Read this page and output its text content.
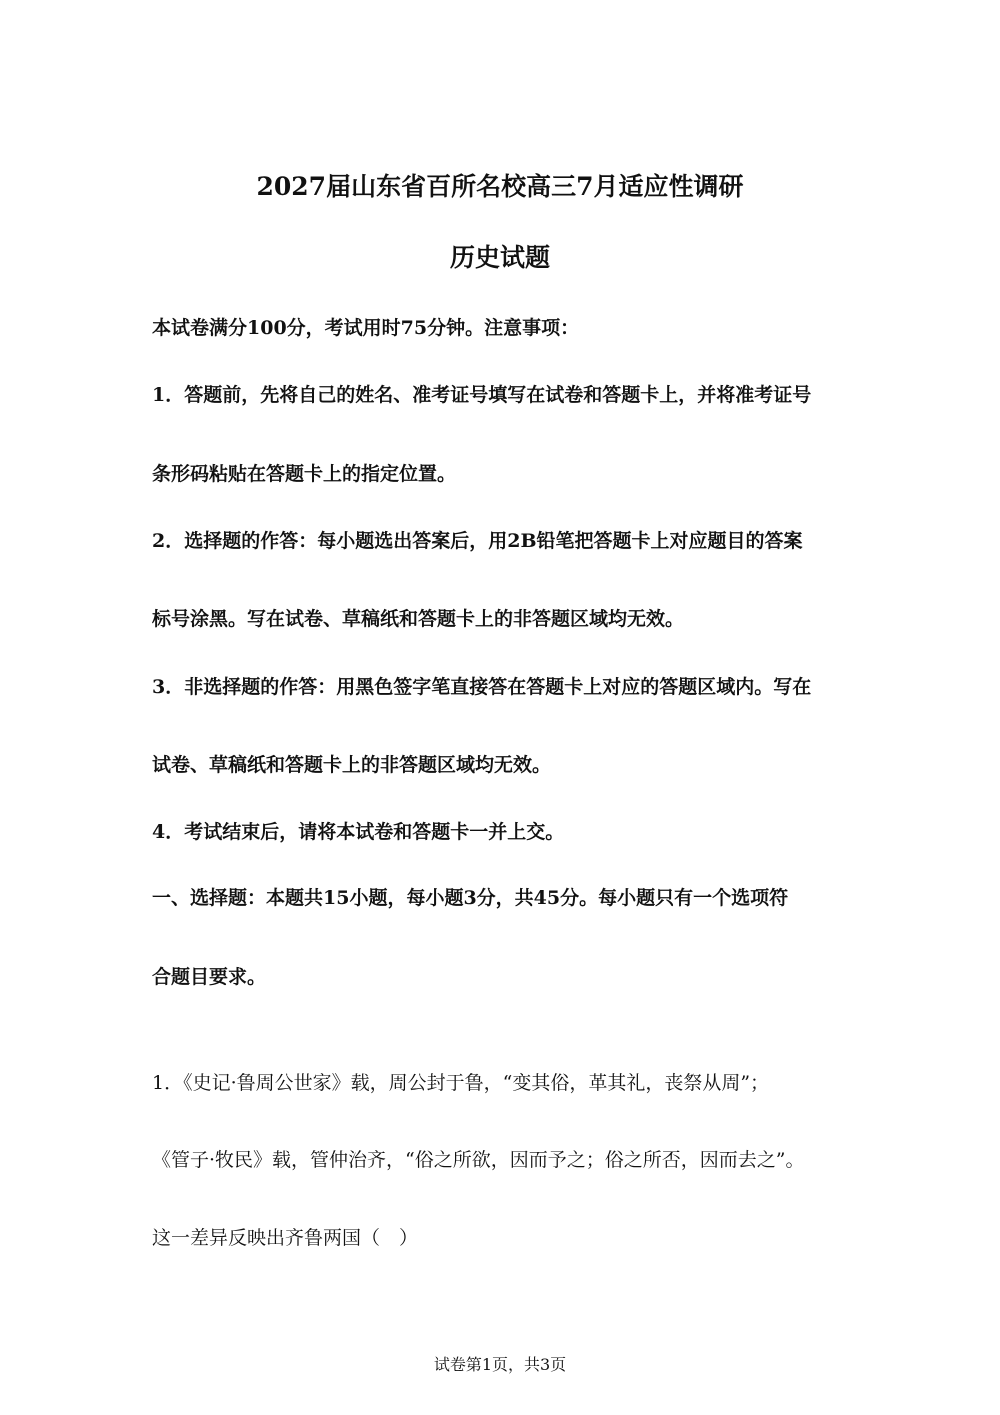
2027届山东省百所名校高三7月适应性调研
历史试题

本试卷满分100分，考试用时75分钟。注意事项：

1．答题前，先将自己的姓名、准考证号填写在试卷和答题卡上，并将准考证号

条形码粘贴在答题卡上的指定位置。

2．选择题的作答：每小题选出答案后，用2B铅笔把答题卡上对应题目的答案

标号涂黑。写在试卷、草稿纸和答题卡上的非答题区域均无效。

3．非选择题的作答：用黑色签字笔直接答在答题卡上对应的答题区域内。写在

试卷、草稿纸和答题卡上的非答题区域均无效。

4．考试结束后，请将本试卷和答题卡一并上交。

一、选择题：本题共15小题，每小题3分，共45分。每小题只有一个选项符

合题目要求。

1．《史记·鲁周公世家》载，周公封于鲁，“变其俗，革其礼，丧祭从周”；

《管子·牧民》载，管仲治齐，“俗之所欲，因而予之；俗之所否，因而去之”。

这一差异反映出齐鲁两国（　）

试卷第1页，共3页
